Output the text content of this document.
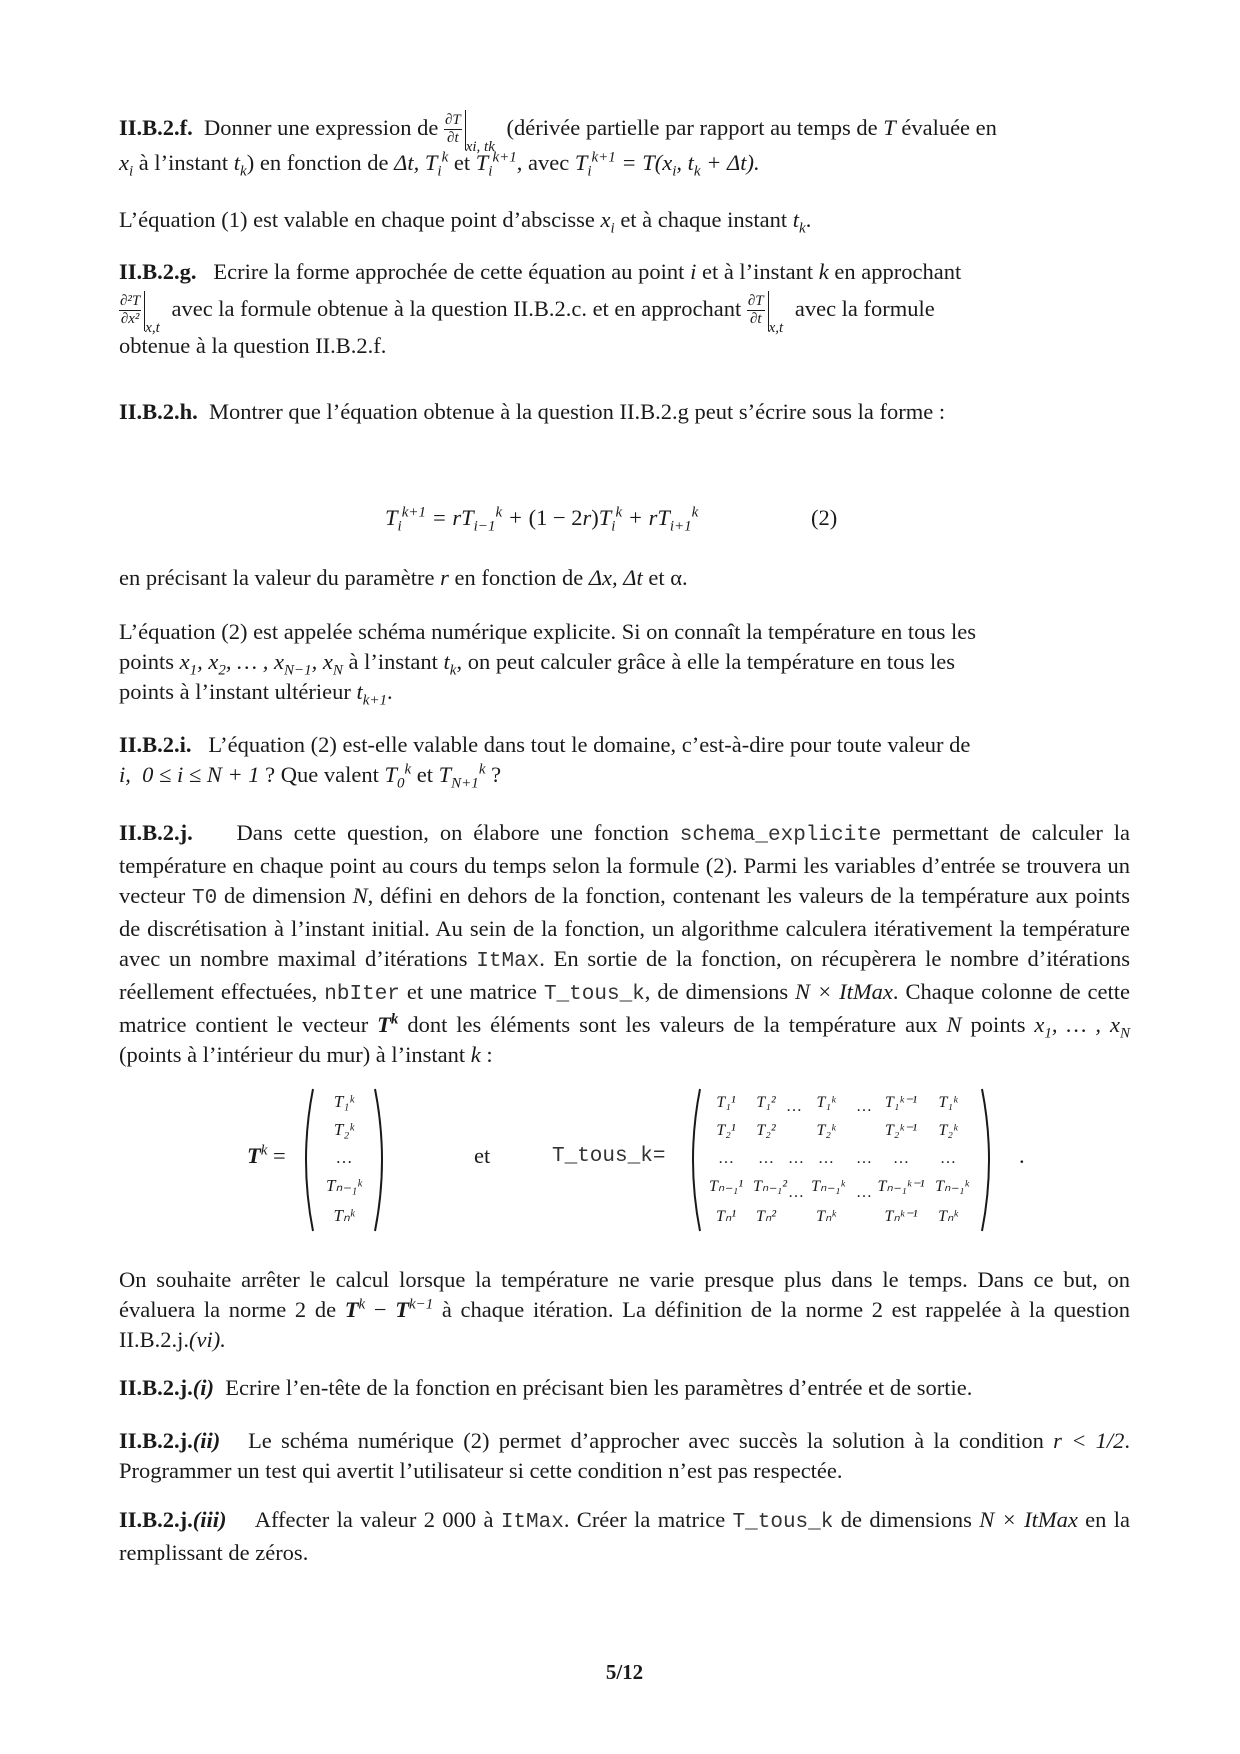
II.B.2.f. Donner une expression de $\frac{\partial T}{\partial t}$ xi, tk (dérivée partielle par rapport au temps de T évaluée en

$x_i$ à l’instant $t_k$) en fonction de Δt, $T_i^k$ et $T_i^{k+1}$, avec $T_i^{k+1} = T(x_i$, $t_k + \Delta t$).

L’équation (1) est valable en chaque point d’abscisse $x_i$ et à chaque instant $t_k$.

II.B.2.g. Ecrire la forme approchée de cette équation au point i et à l’instant k en approchant

$\frac{\text{∂²T}}{\text{∂x²}} x,t$ avec la formule obtenue à la question II.B.2.c. et en approchant $\frac{\partial T}{\partial t} x,t$ avec la formule

obtenue à la question II.B.2.f.

II.B.2.h. Montrer que l’équation obtenue à la question II.B.2.g peut s’écrire sous la forme :

$T_i^{k+1} = rT_{i-1}^k + (1 - 2r)T_i^k + rT_{i+1}^k$	(2)

en précisant la valeur du paramètre r en fonction de Δx, Δt et α.

L’équation (2) est appelée schéma numérique explicite. Si on connaît la température en tous les

points $x_1$, $x_2$, … , $x_{N-1}$, $x_N$ à l’instant $t_k$, on peut calculer grâce à elle la température en tous les

points à l’instant ultérieur $t_{k+1}$.

II.B.2.i. L’équation (2) est-elle valable dans tout le domaine, c’est-à-dire pour toute valeur de

i,  0 ≤ i ≤ N + 1 ? Que valent $T_0^k$ et $T_{N+1}^k$ ?

II.B.2.j. Dans cette question, on élabore une fonction schema_explicite permettant de calculer la température en chaque point au cours du temps selon la formule (2). Parmi les variables d’entrée se trouvera un vecteur T0 de dimension N, défini en dehors de la fonction, contenant les valeurs de la température aux points de discrétisation à l’instant initial. Au sein de la fonction, un algorithme calculera itérativement la température avec un nombre maximal d’itérations ItMax. En sortie de la fonction, on récupèrera le nombre d’itérations réellement effectuées, nbIter et une matrice T_tous_k, de dimensions N × ItMax. Chaque colonne de cette matrice contient le vecteur $T^k$ dont les éléments sont les valeurs de la température aux N points $x_1$, … , $x_N$ (points à l’intérieur du mur) à l’instant k :

$T^k$ =
T₁ᵏ
T₂ᵏ
…
Tₙ₋₁ᵏ
Tₙᵏ
et	T_tous_k=
T₁¹ T₁² … T₁ᵏ … T₁ᵏ⁻¹ T₁ᵏ
T₂¹ T₂²	T₂ᵏ	T₂ᵏ⁻¹ T₂ᵏ
… … … … … … …
Tₙ₋₁¹ Tₙ₋₁² … Tₙ₋₁ᵏ … Tₙ₋₁ᵏ⁻¹ Tₙ₋₁ᵏ
Tₙ¹ Tₙ²	Tₙᵏ	Tₙᵏ⁻¹ Tₙᵏ
.

On souhaite arrêter le calcul lorsque la température ne varie presque plus dans le temps. Dans ce but, on évaluera la norme 2 de $T^k - T^{k-1}$ à chaque itération. La définition de la norme 2 est rappelée à la question II.B.2.j.(vi).

II.B.2.j.(i) Ecrire l’en-tête de la fonction en précisant bien les paramètres d’entrée et de sortie.

II.B.2.j.(ii) Le schéma numérique (2) permet d’approcher avec succès la solution à la condition r < 1/2. Programmer un test qui avertit l’utilisateur si cette condition n’est pas respectée.

II.B.2.j.(iii) Affecter la valeur 2 000 à ItMax. Créer la matrice T_tous_k de dimensions N × ItMax en la remplissant de zéros.

5/12
